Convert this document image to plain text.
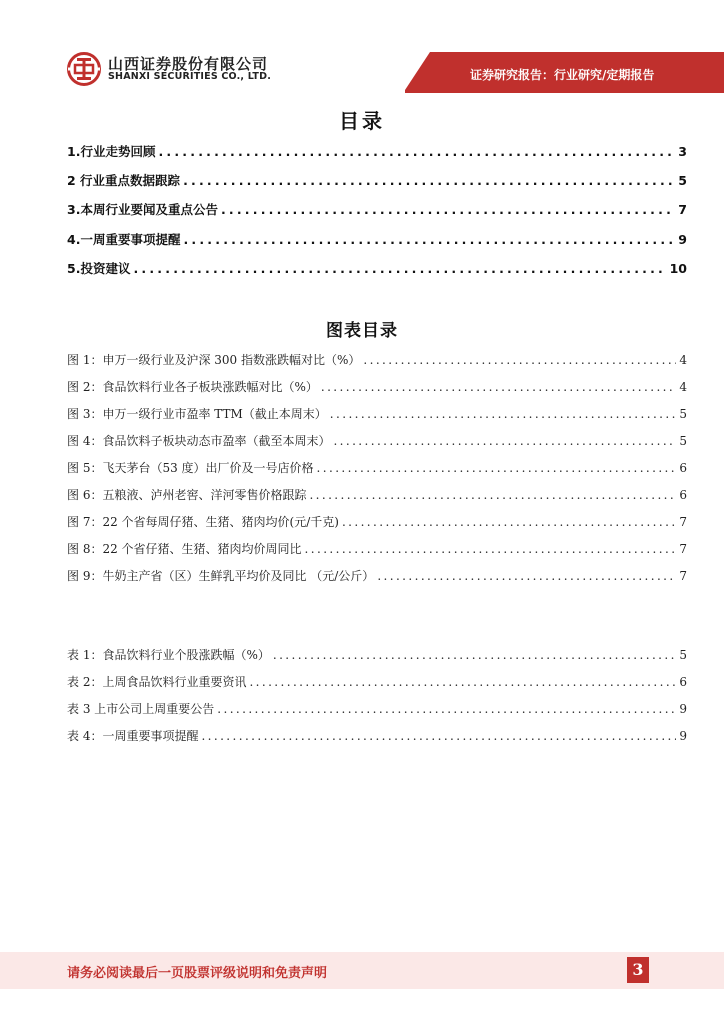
山西证券股份有限公司
SHANXI SECURITIES CO., LTD.	证券研究报告：行业研究/定期报告
目录
1.行业走势回顾 .....	3
2 行业重点数据跟踪 .....	5
3.本周行业要闻及重点公告 .....	7
4.一周重要事项提醒 .....	9
5.投资建议 .....	10
图表目录
图 1：申万一级行业及沪深 300 指数涨跌幅对比（%） .....	4
图 2：食品饮料行业各子板块涨跌幅对比（%） .....	4
图 3：申万一级行业市盈率 TTM（截止本周末） .....	5
图 4：食品饮料子板块动态市盈率（截至本周末） .....	5
图 5：飞天茅台（53 度）出厂价及一号店价格 .....	6
图 6：五粮液、泸州老窖、洋河零售价格跟踪 .....	6
图 7：22 个省每周仔猪、生猪、猪肉均价(元/千克) .....	7
图 8：22 个省仔猪、生猪、猪肉均价周同比 .....	7
图 9：牛奶主产省（区）生鲜乳平均价及同比 （元/公斤） .....	7
表 1：食品饮料行业个股涨跌幅（%） .....	5
表 2：上周食品饮料行业重要资讯 .....	6
表 3 上市公司上周重要公告 .....	9
表 4：一周重要事项提醒 .....	9
请务必阅读最后一页股票评级说明和免责声明	3
